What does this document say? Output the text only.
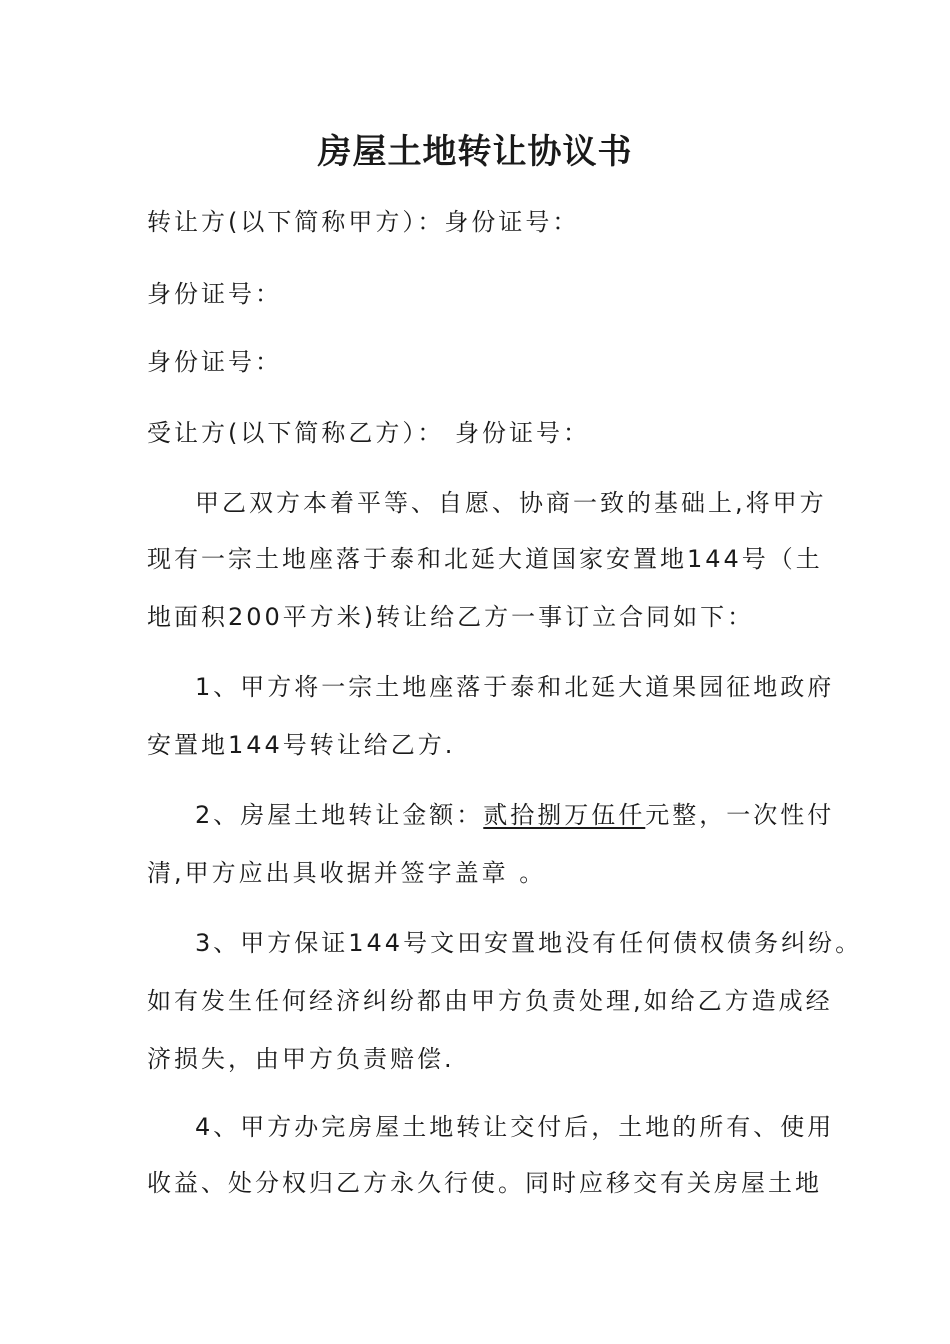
房屋土地转让协议书
转让方(以下简称甲方）：身份证号：
身份证号：
身份证号：
受让方(以下简称乙方）： 身份证号：
甲乙双方本着平等、自愿、协商一致的基础上,将甲方
现有一宗土地座落于泰和北延大道国家安置地144号（土
地面积200平方米)转让给乙方一事订立合同如下：
1、甲方将一宗土地座落于泰和北延大道果园征地政府
安置地144号转让给乙方.
2、房屋土地转让金额：贰拾捌万伍仟元整，一次性付
清,甲方应出具收据并签字盖章 。
3、甲方保证144号文田安置地没有任何债权债务纠纷。
如有发生任何经济纠纷都由甲方负责处理,如给乙方造成经
济损失，由甲方负责赔偿.
4、甲方办完房屋土地转让交付后，土地的所有、使用
收益、处分权归乙方永久行使。同时应移交有关房屋土地
